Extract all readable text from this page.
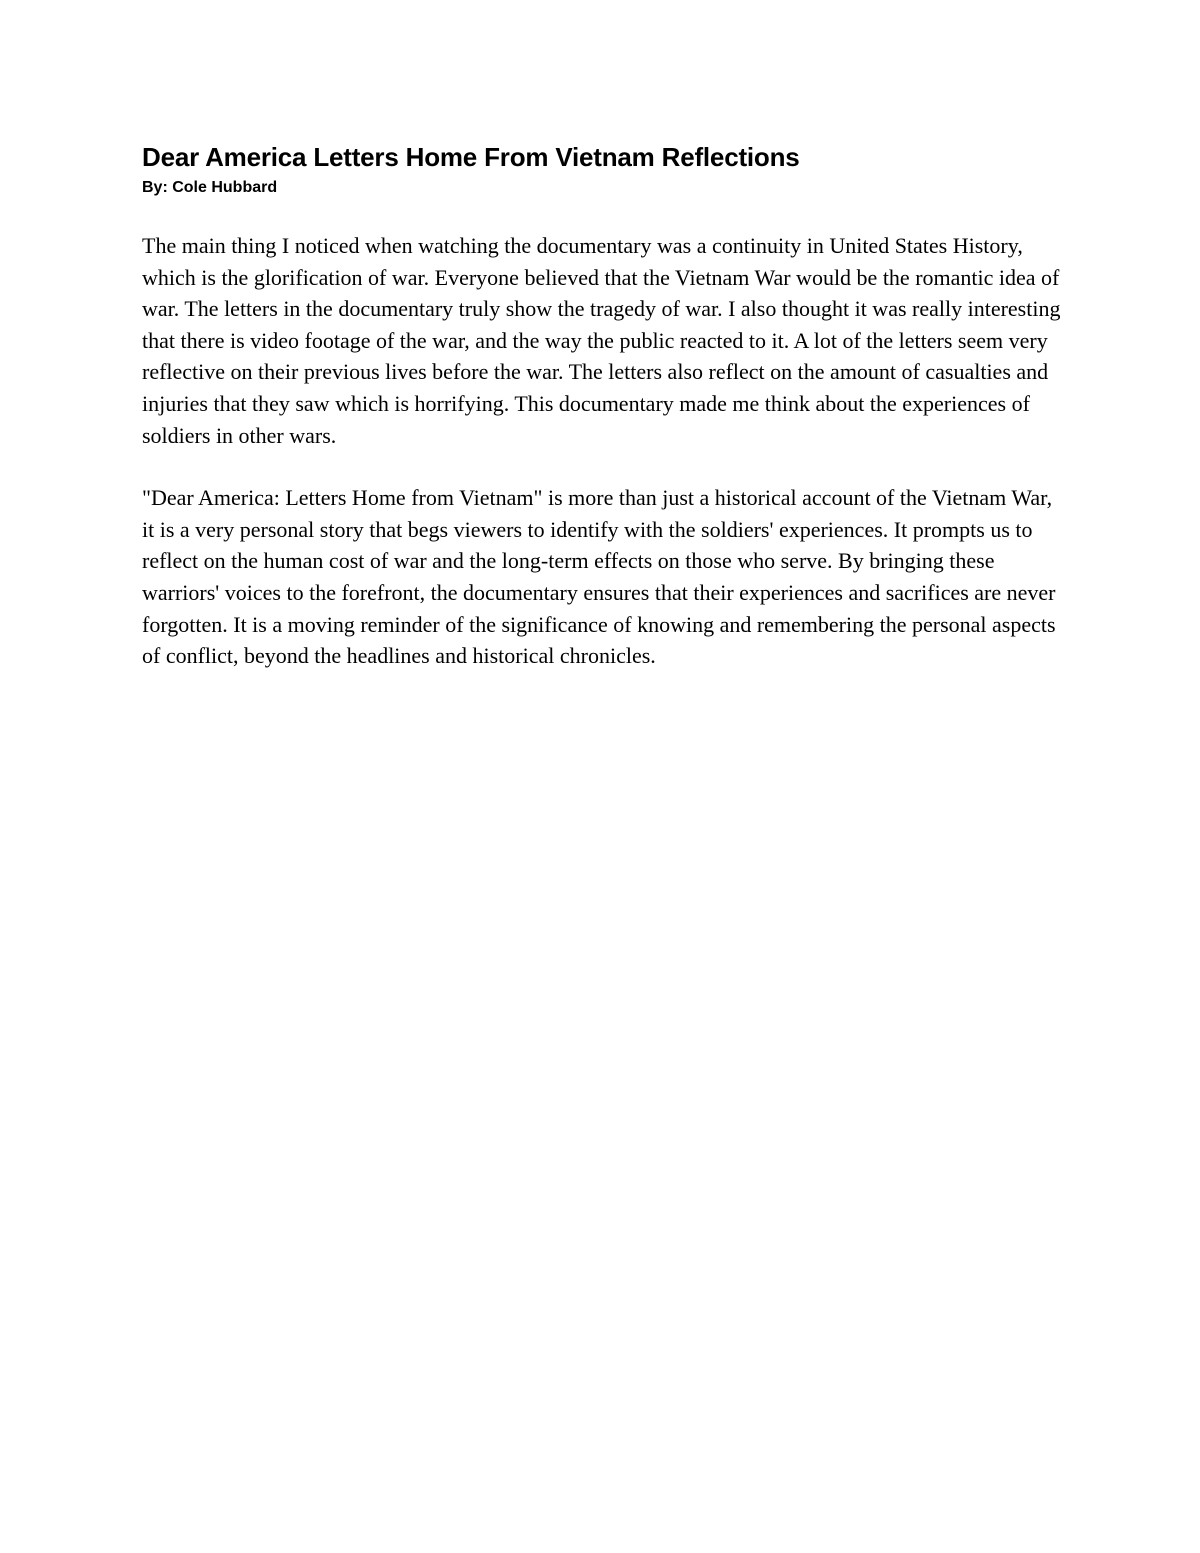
Dear America Letters Home From Vietnam Reflections
By: Cole Hubbard

The main thing I noticed when watching the documentary was a continuity in United States History, which is the glorification of war. Everyone believed that the Vietnam War would be the romantic idea of war. The letters in the documentary truly show the tragedy of war. I also thought it was really interesting that there is video footage of the war, and the way the public reacted to it. A lot of the letters seem very reflective on their previous lives before the war. The letters also reflect on the amount of casualties and injuries that they saw which is horrifying. This documentary made me think about the experiences of soldiers in other wars.

"Dear America: Letters Home from Vietnam" is more than just a historical account of the Vietnam War, it is a very personal story that begs viewers to identify with the soldiers' experiences. It prompts us to reflect on the human cost of war and the long-term effects on those who serve. By bringing these warriors' voices to the forefront, the documentary ensures that their experiences and sacrifices are never forgotten. It is a moving reminder of the significance of knowing and remembering the personal aspects of conflict, beyond the headlines and historical chronicles.
